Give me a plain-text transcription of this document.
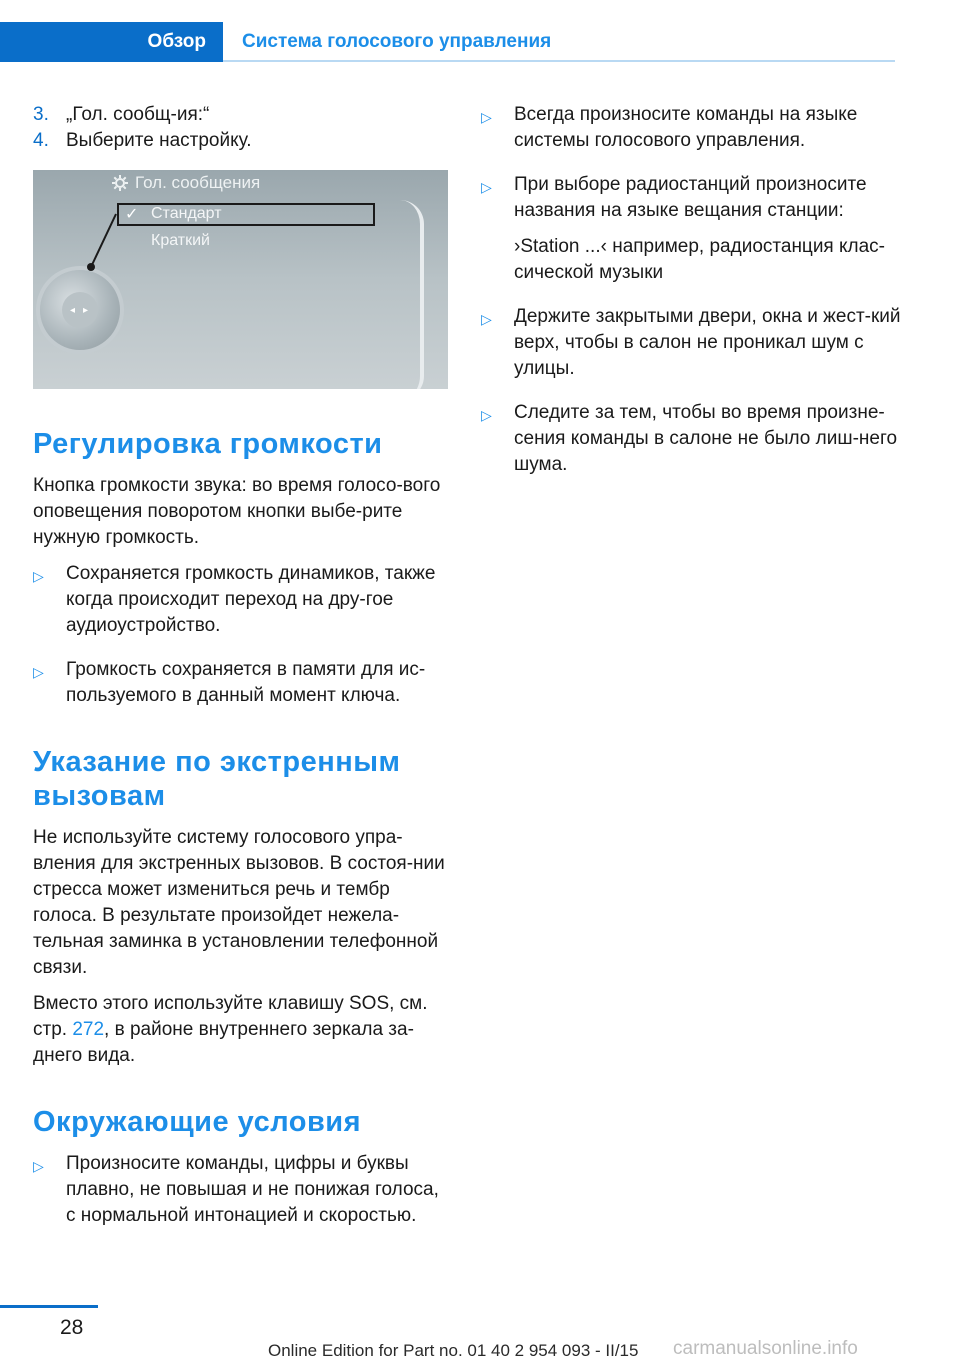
Обзор	Система голосового управления
3. „Гол. сообщ-ия:“
4. Выберите настройку.
Гол. сообщения
✓ Стандарт
Краткий
◂▸
Регулировка громкости

Кнопка громкости звука: во время голосо-вого оповещения поворотом кнопки выбе-рите нужную громкость.

▷	Сохраняется громкость динамиков, также когда происходит переход на дру-гое аудиоустройство.
▷	Громкость сохраняется в памяти для ис-пользуемого в данный момент ключа.
Указание по экстренным вызовам

Не используйте систему голосового упра-вления для экстренных вызовов. В состоя-нии стресса может измениться речь и тембр голоса. В результате произойдет нежела-тельная заминка в установлении телефонной связи.

Вместо этого используйте клавишу SOS, см. стр. 272, в районе внутреннего зеркала за-днего вида.

Окружающие условия
▷	Произносите команды, цифры и буквы плавно, не повышая и не понижая голоса, с нормальной интонацией и скоростью.
▷	Всегда произносите команды на языке системы голосового управления.
▷	При выборе радиостанций произносите названия на языке вещания станции:
›Station ...‹ например, радиостанция клас-сической музыки
▷	Держите закрытыми двери, окна и жест-кий верх, чтобы в салон не проникал шум с улицы.
▷	Следите за тем, чтобы во время произне-сения команды в салоне не было лиш-него шума.
28
Online Edition for Part no. 01 40 2 954 093 - II/15 carmanualsonline.info
